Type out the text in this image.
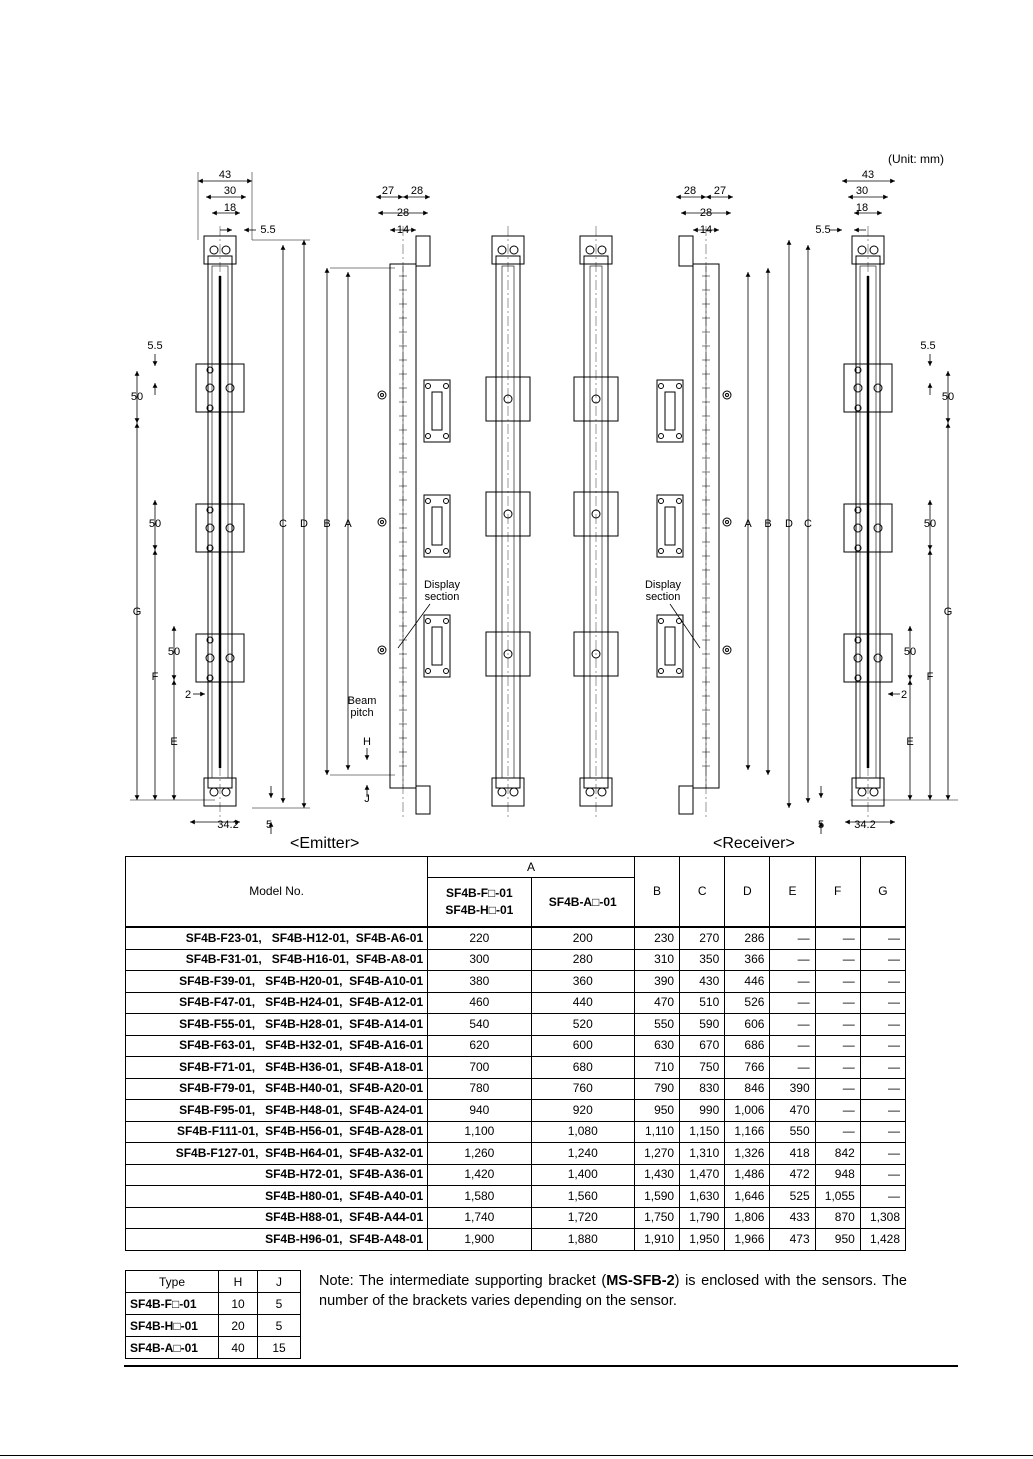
43
30
18
5.5
C D B A
5.5
50
50
50
G
F
E
2
34.2 5
27 28
28
14
Beam
pitch
H
J
Display
section
28 27
28
14
Display
section
A B D C
43
30
18
5.5
5.5
50
50
50
G
F
E
2
34.2
5
(Unit: mm)
<Emitter>	<Receiver>
Model No.	A		B	C	D	E	F	G
	SF4B-F□-01
SF4B-H□-01	SF4B-A□-01						
SF4B-F23-01,   SF4B-H12-01,  SF4B-A6-01	220	200	230	270	286	—	—	—
SF4B-F31-01,   SF4B-H16-01,  SF4B-A8-01	300	280	310	350	366	—	—	—
SF4B-F39-01,   SF4B-H20-01,  SF4B-A10-01	380	360	390	430	446	—	—	—
SF4B-F47-01,   SF4B-H24-01,  SF4B-A12-01	460	440	470	510	526	—	—	—
SF4B-F55-01,   SF4B-H28-01,  SF4B-A14-01	540	520	550	590	606	—	—	—
SF4B-F63-01,   SF4B-H32-01,  SF4B-A16-01	620	600	630	670	686	—	—	—
SF4B-F71-01,   SF4B-H36-01,  SF4B-A18-01	700	680	710	750	766	—	—	—
SF4B-F79-01,   SF4B-H40-01,  SF4B-A20-01	780	760	790	830	846	390	—	—
SF4B-F95-01,   SF4B-H48-01,  SF4B-A24-01	940	920	950	990	1,006	470	—	—
SF4B-F111-01,  SF4B-H56-01,  SF4B-A28-01	1,100	1,080	1,110	1,150	1,166	550	—	—
SF4B-F127-01,  SF4B-H64-01,  SF4B-A32-01	1,260	1,240	1,270	1,310	1,326	418	842	—
SF4B-H72-01,  SF4B-A36-01	1,420	1,400	1,430	1,470	1,486	472	948	—
SF4B-H80-01,  SF4B-A40-01	1,580	1,560	1,590	1,630	1,646	525	1,055	—
SF4B-H88-01,  SF4B-A44-01	1,740	1,720	1,750	1,790	1,806	433	870	1,308
SF4B-H96-01,  SF4B-A48-01	1,900	1,880	1,910	1,950	1,966	473	950	1,428
Type	H	J
SF4B-F□-01	10	5
SF4B-H□-01	20	5
SF4B-A□-01	40	15
Note: The intermediate supporting bracket (MS-SFB-2) is enclosed with the sensors. The number of the brackets varies depending on the sensor.
